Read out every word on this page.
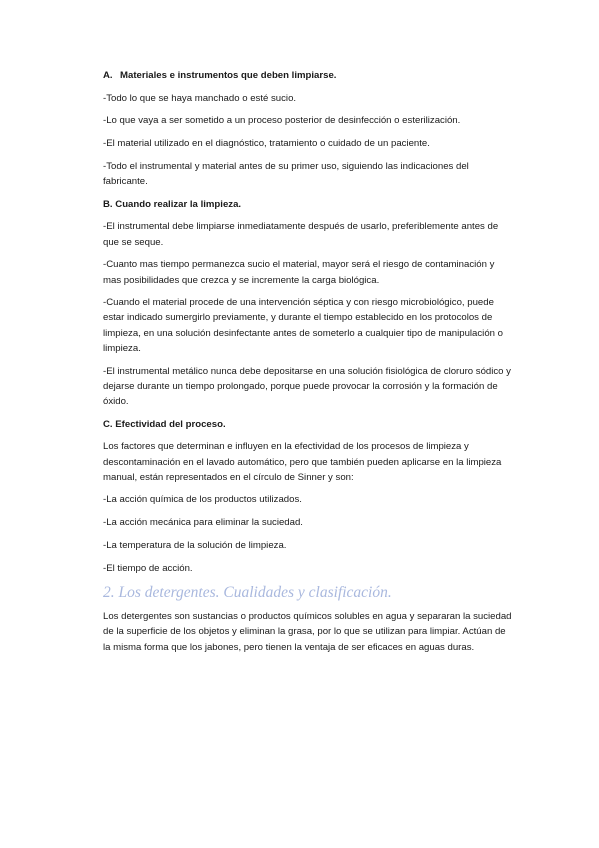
A. Materiales e instrumentos que deben limpiarse.

-Todo lo que se haya manchado o esté sucio.

-Lo que vaya a ser sometido a un proceso posterior de desinfección o esterilización.

-El material utilizado en el diagnóstico, tratamiento o cuidado de un paciente.

-Todo el instrumental y material antes de su primer uso, siguiendo las indicaciones del fabricante.

B. Cuando realizar la limpieza.

-El instrumental debe limpiarse inmediatamente después de usarlo, preferiblemente antes de que se seque.

-Cuanto mas tiempo permanezca sucio el material, mayor será el riesgo de contaminación y mas posibilidades que crezca y se incremente la carga biológica.

-Cuando el material procede de una intervención séptica y con riesgo microbiológico, puede estar indicado sumergirlo previamente, y durante el tiempo establecido en los protocolos de limpieza, en una solución desinfectante antes de someterlo a cualquier tipo de manipulación o limpieza.

-El instrumental metálico nunca debe depositarse en una solución fisiológica de cloruro sódico y dejarse durante un tiempo prolongado, porque puede provocar la corrosión y la formación de óxido.

C. Efectividad del proceso.

Los factores que determinan e influyen en la efectividad de los procesos de limpieza y descontaminación en el lavado automático, pero que también pueden aplicarse en la limpieza manual, están representados en el círculo de Sinner y son:

-La acción química de los productos utilizados.

-La acción mecánica para eliminar la suciedad.

-La temperatura de la solución de limpieza.

-El tiempo de acción.

2. Los detergentes. Cualidades y clasificación.

Los detergentes son sustancias o productos químicos solubles en agua y separaran la suciedad de la superficie de los objetos y eliminan la grasa, por lo que se utilizan para limpiar. Actúan de la misma forma que los jabones, pero tienen la ventaja de ser eficaces en aguas duras.
